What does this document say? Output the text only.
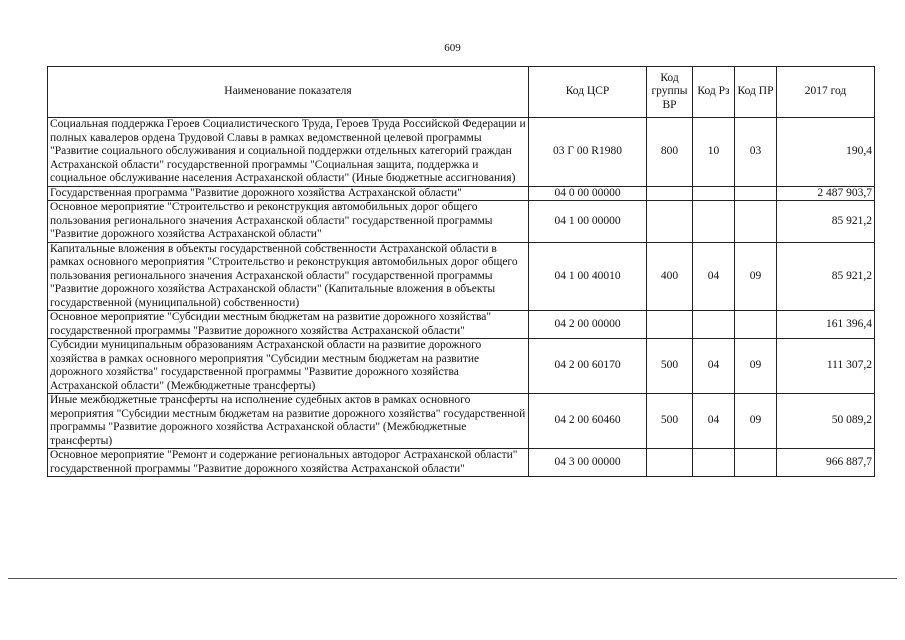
609
Наименование показателя	Код ЦСР	Код группы ВР	Код Рз	Код ПР	2017 год
Социальная поддержка Героев Социалистического Труда, Героев Труда Российской Федерации и полных кавалеров ордена Трудовой Славы в рамках ведомственной целевой программы "Развитие социального обслуживания и социальной поддержки отдельных категорий граждан Астраханской области" государственной программы "Социальная защита, поддержка и социальное обслуживание населения Астраханской области" (Иные бюджетные ассигнования)	03 Г 00 R1980	800	10	03	190,4
Государственная программа "Развитие дорожного хозяйства Астраханской области"	04 0 00 00000				2 487 903,7
Основное мероприятие "Строительство и реконструкция автомобильных дорог общего пользования регионального значения Астраханской области" государственной программы "Развитие дорожного хозяйства Астраханской области"	04 1 00 00000				85 921,2
Капитальные вложения в объекты государственной собственности Астраханской области в рамках основного мероприятия "Строительство и реконструкция автомобильных дорог общего пользования регионального значения Астраханской области" государственной программы "Развитие дорожного хозяйства Астраханской области" (Капитальные вложения в объекты государственной (муниципальной) собственности)	04 1 00 40010	400	04	09	85 921,2
Основное мероприятие "Субсидии местным бюджетам на развитие дорожного хозяйства" государственной программы "Развитие дорожного хозяйства Астраханской области"	04 2 00 00000				161 396,4
Субсидии муниципальным образованиям Астраханской области на развитие дорожного хозяйства в рамках основного мероприятия "Субсидии местным бюджетам на развитие дорожного хозяйства" государственной программы "Развитие дорожного хозяйства Астраханской области" (Межбюджетные трансферты)	04 2 00 60170	500	04	09	111 307,2
Иные межбюджетные трансферты на исполнение судебных актов в рамках основного мероприятия "Субсидии местным бюджетам на развитие дорожного хозяйства" государственной программы "Развитие дорожного хозяйства Астраханской области" (Межбюджетные трансферты)	04 2 00 60460	500	04	09	50 089,2
Основное мероприятие "Ремонт и содержание региональных автодорог Астраханской области" государственной программы "Развитие дорожного хозяйства Астраханской области"	04 3 00 00000				966 887,7
